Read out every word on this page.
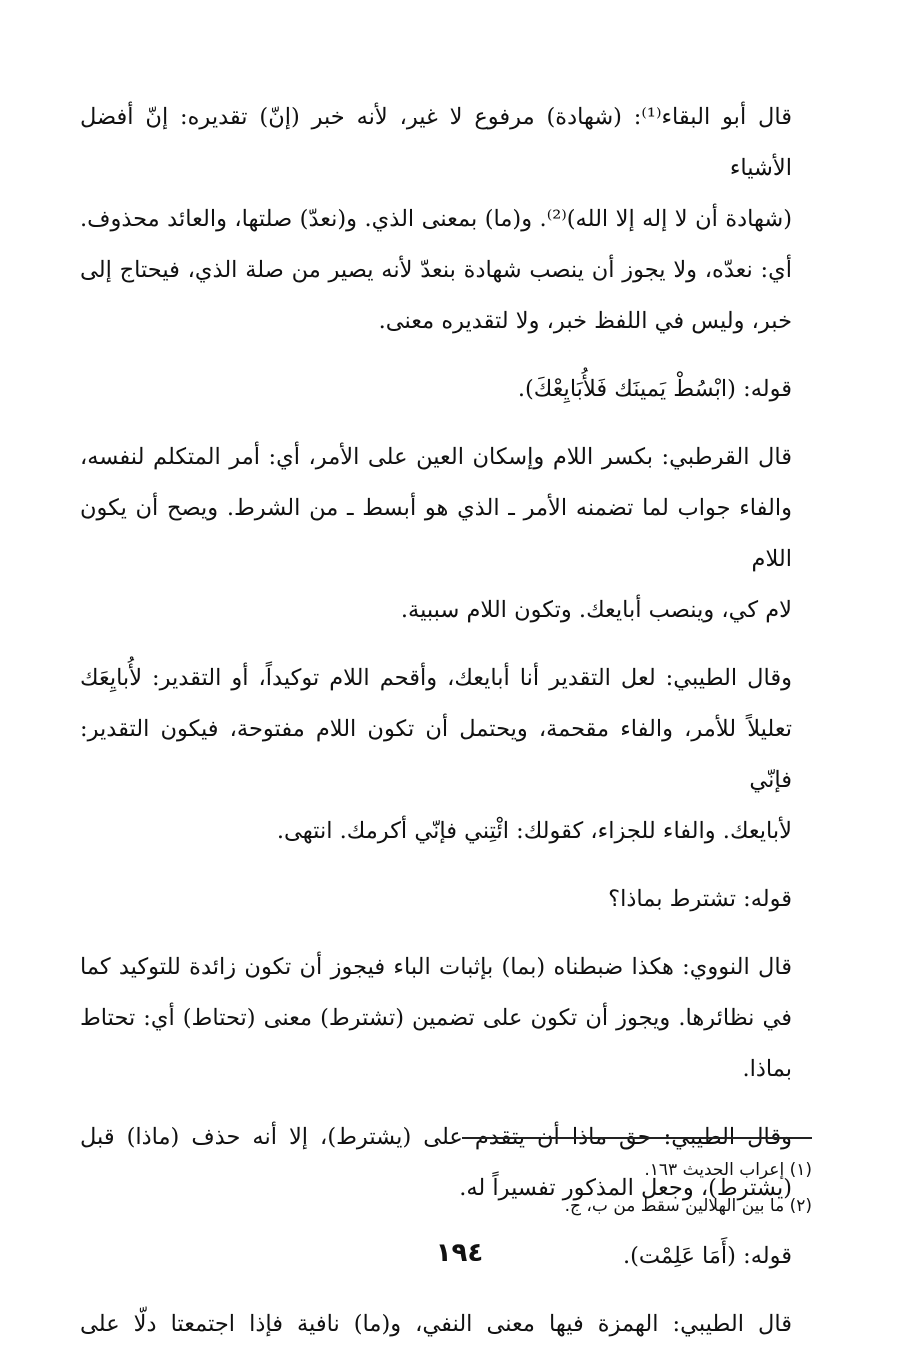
قال أبو البقاء⁽¹⁾: (شهادة) مرفوع لا غير، لأنه خبر (إنّ) تقديره: إنّ أفضل الأشياء
(شهادة أن لا إله إلا الله)⁽²⁾. و(ما) بمعنى الذي. و(نعدّ) صلتها، والعائد محذوف.
أي: نعدّه، ولا يجوز أن ينصب شهادة بنعدّ لأنه يصير من صلة الذي، فيحتاج إلى
خبر، وليس في اللفظ خبر، ولا لتقديره معنى.
قوله: (ابْسُطْ يَمينَك فَلأُبَايِعْكَ).
قال القرطبي: بكسر اللام وإسكان العين على الأمر، أي: أمر المتكلم لنفسه،
والفاء جواب لما تضمنه الأمر ـ الذي هو أبسط ـ من الشرط. ويصح أن يكون اللام
لام كي، وينصب أبايعك. وتكون اللام سببية.
وقال الطيبي: لعل التقدير أنا أبايعك، وأقحم اللام توكيداً، أو التقدير: لأُبايِعَك
تعليلاً للأمر، والفاء مقحمة، ويحتمل أن تكون اللام مفتوحة، فيكون التقدير: فإنّي
لأبايعك. والفاء للجزاء، كقولك: ائْتِني فإنّي أكرمك. انتهى.
قوله: تشترط بماذا؟
قال النووي: هكذا ضبطناه (بما) بإثبات الباء فيجوز أن تكون زائدة للتوكيد كما
في نظائرها. ويجوز أن تكون على تضمين (تشترط) معنى (تحتاط) أي: تحتاط
بماذا.
وقال الطيبي: حق ماذا أن يتقدم على (يشترط)، إلا أنه حذف (ماذا) قبل
(يشترط)، وجعل المذكور تفسيراً له.
قوله: (أَمَا عَلِمْت).
قال الطيبي: الهمزة فيها معنى النفي، و(ما) نافية فإذا اجتمعتا دلّا على

(١) إعراب الحديث ١٦٣.

(٢) ما بين الهلالين سقط من ب، ج.

١٩٤
